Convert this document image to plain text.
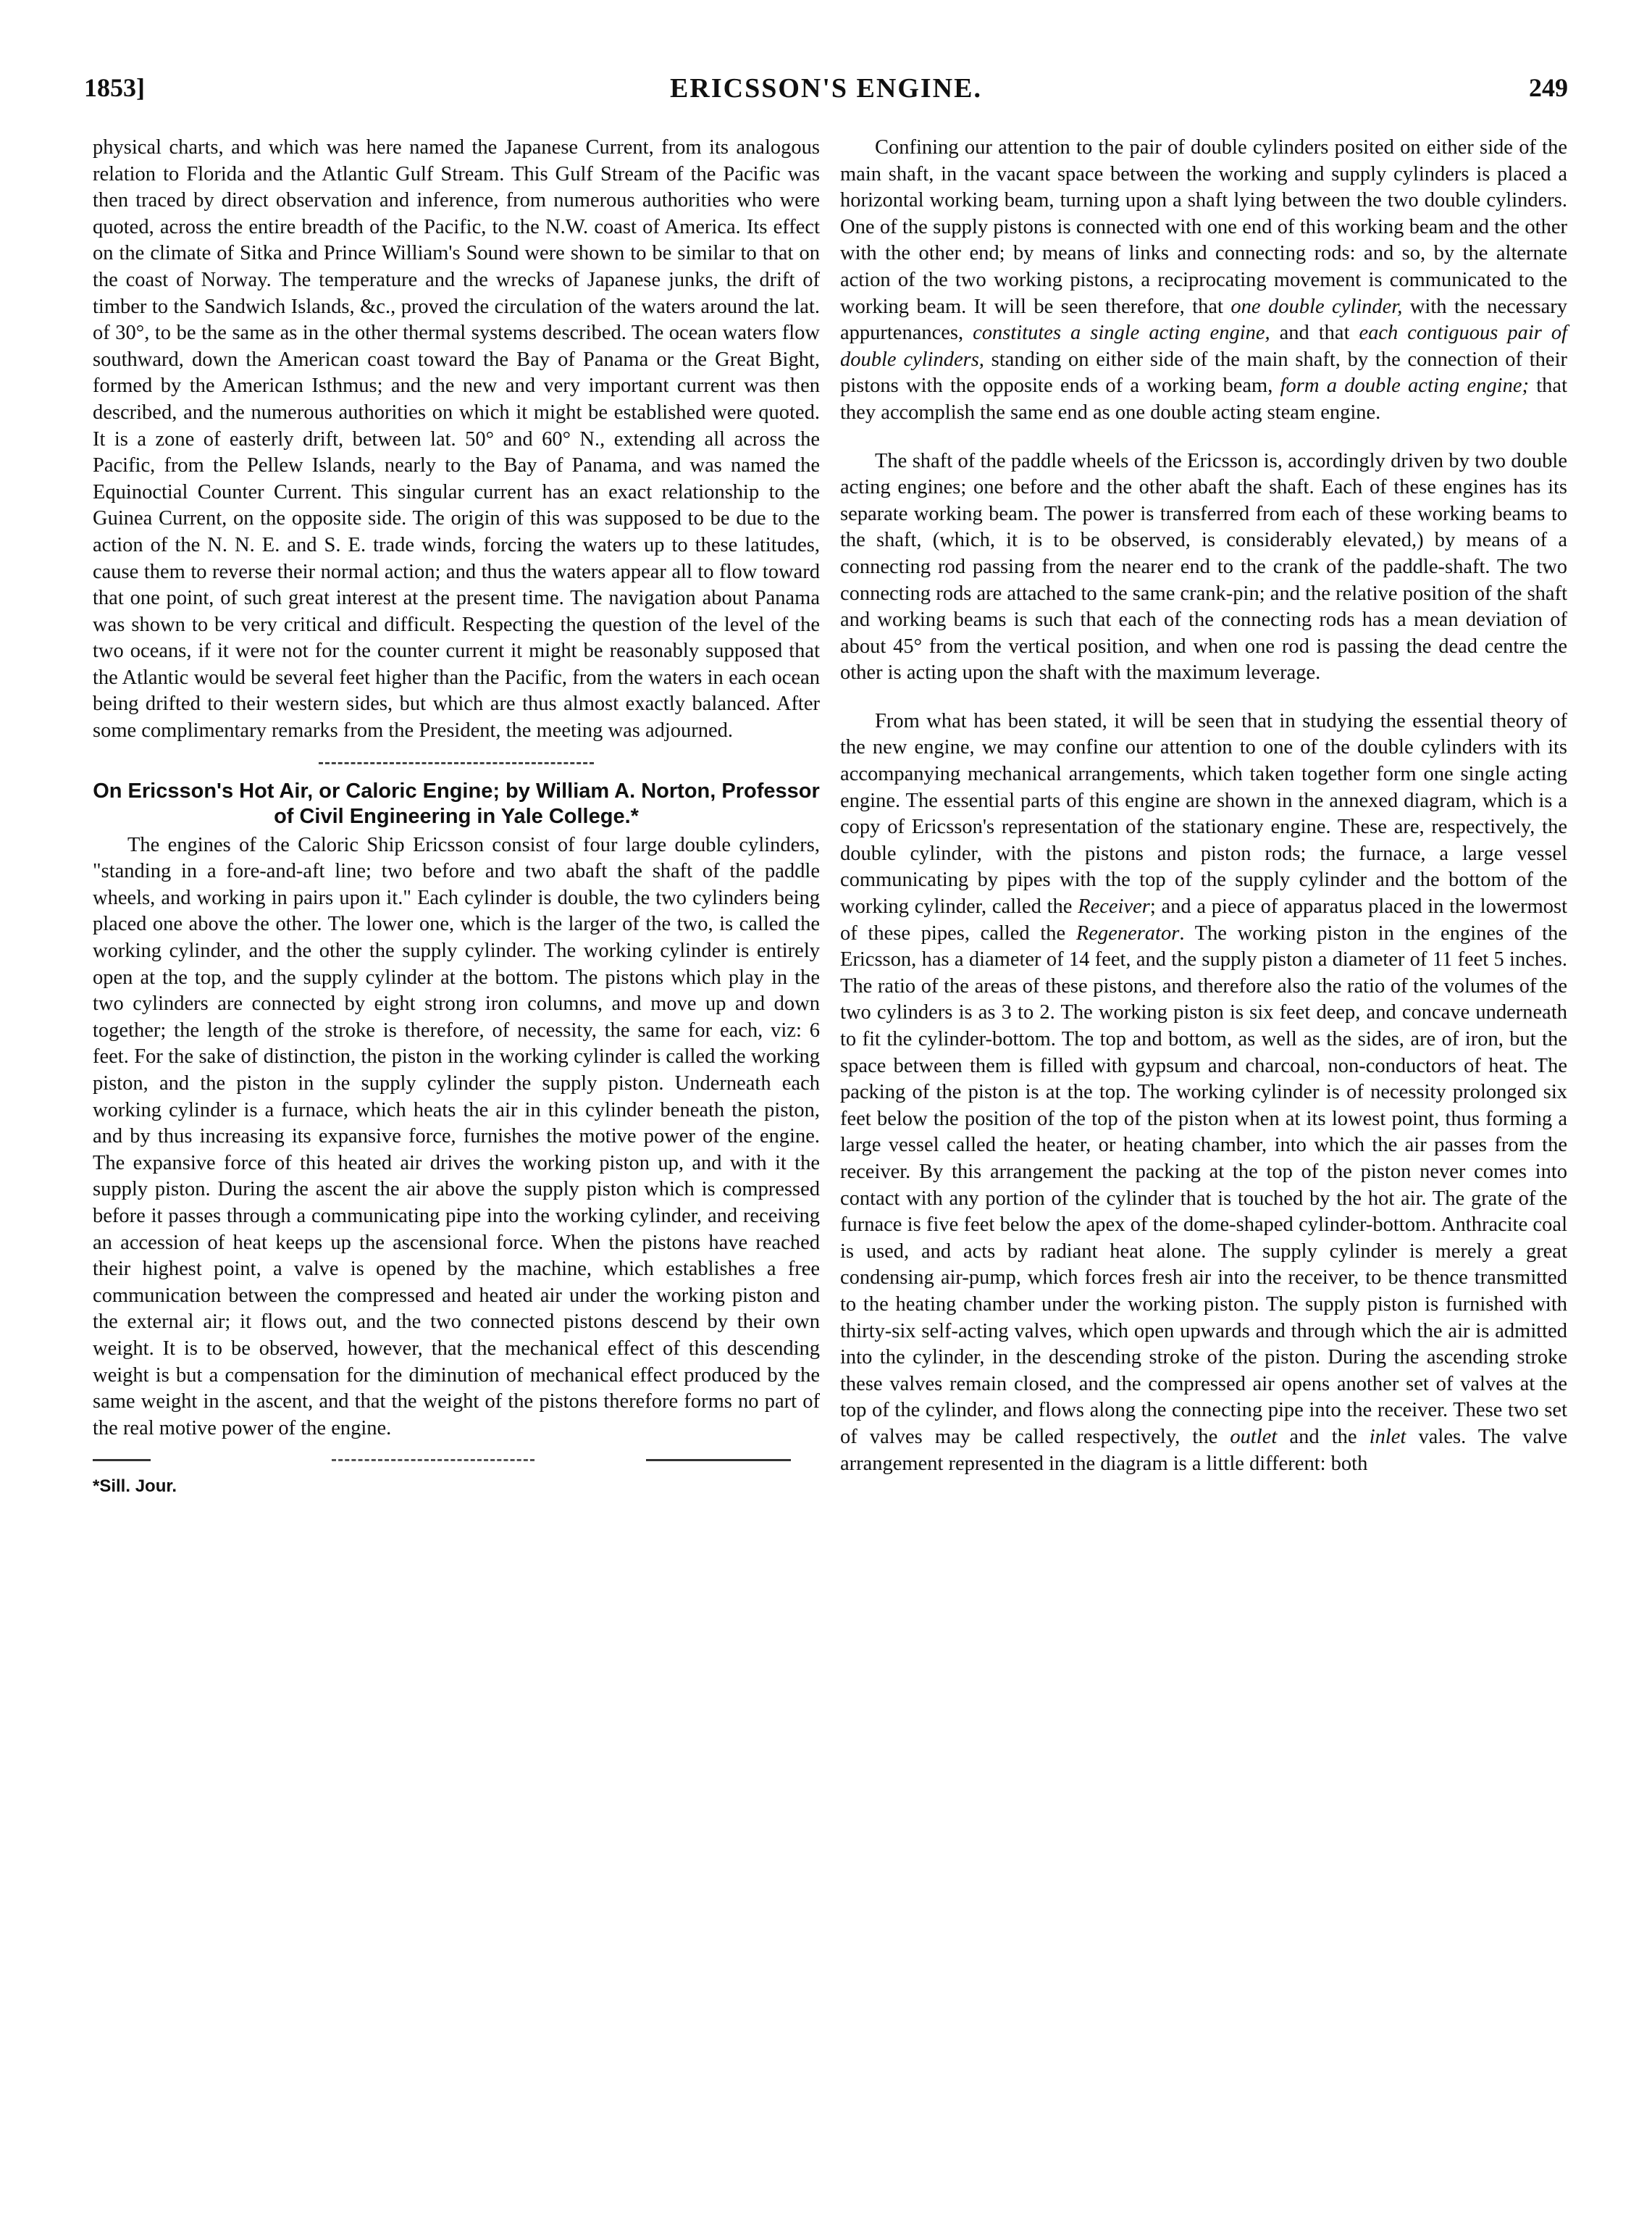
1853]	ERICSSON'S ENGINE.	249

physical charts, and which was here named the Japanese Current, from its analogous relation to Florida and the Atlantic Gulf Stream. This Gulf Stream of the Pacific was then traced by direct observation and inference, from numerous authorities who were quoted, across the entire breadth of the Pacific, to the N.W. coast of America. Its effect on the climate of Sitka and Prince William's Sound were shown to be similar to that on the coast of Norway. The temperature and the wrecks of Japanese junks, the drift of timber to the Sandwich Islands, &c., proved the circulation of the waters around the lat. of 30°, to be the same as in the other thermal systems described. The ocean waters flow southward, down the American coast toward the Bay of Panama or the Great Bight, formed by the American Isthmus; and the new and very important current was then described, and the numerous authorities on which it might be established were quoted. It is a zone of easterly drift, between lat. 50° and 60° N., extending all across the Pacific, from the Pellew Islands, nearly to the Bay of Panama, and was named the Equinoctial Counter Current. This singular current has an exact relationship to the Guinea Current, on the opposite side. The origin of this was supposed to be due to the action of the N. N. E. and S. E. trade winds, forcing the waters up to these latitudes, cause them to reverse their normal action; and thus the waters appear all to flow toward that one point, of such great interest at the present time. The navigation about Panama was shown to be very critical and difficult. Respecting the question of the level of the two oceans, if it were not for the counter current it might be reasonably supposed that the Atlantic would be several feet higher than the Pacific, from the waters in each ocean being drifted to their western sides, but which are thus almost exactly balanced. After some complimentary remarks from the President, the meeting was adjourned.

On Ericsson's Hot Air, or Caloric Engine; by William A. Norton, Professor of Civil Engineering in Yale College.*

The engines of the Caloric Ship Ericsson consist of four large double cylinders, "standing in a fore-and-aft line; two before and two abaft the shaft of the paddle wheels, and working in pairs upon it." Each cylinder is double, the two cylinders being placed one above the other. The lower one, which is the larger of the two, is called the working cylinder, and the other the supply cylinder. The working cylinder is entirely open at the top, and the supply cylinder at the bottom. The pistons which play in the two cylinders are connected by eight strong iron columns, and move up and down together; the length of the stroke is therefore, of necessity, the same for each, viz: 6 feet. For the sake of distinction, the piston in the working cylinder is called the working piston, and the piston in the supply cylinder the supply piston. Underneath each working cylinder is a furnace, which heats the air in this cylinder beneath the piston, and by thus increasing its expansive force, furnishes the motive power of the engine. The expansive force of this heated air drives the working piston up, and with it the supply piston. During the ascent the air above the supply piston which is compressed before it passes through a communicating pipe into the working cylinder, and receiving an accession of heat keeps up the ascensional force. When the pistons have reached their highest point, a valve is opened by the machine, which establishes a free communication between the compressed and heated air under the working piston and the external air; it flows out, and the two connected pistons descend by their own weight. It is to be observed, however, that the mechanical effect of this descending weight is but a compensation for the diminution of mechanical effect produced by the same weight in the ascent, and that the weight of the pistons therefore forms no part of the real motive power of the engine.

*Sill. Jour.

Confining our attention to the pair of double cylinders posited on either side of the main shaft, in the vacant space between the working and supply cylinders is placed a horizontal working beam, turning upon a shaft lying between the two double cylinders. One of the supply pistons is connected with one end of this working beam and the other with the other end; by means of links and connecting rods: and so, by the alternate action of the two working pistons, a reciprocating movement is communicated to the working beam. It will be seen therefore, that one double cylinder, with the necessary appurtenances, constitutes a single acting engine, and that each contiguous pair of double cylinders, standing on either side of the main shaft, by the connection of their pistons with the opposite ends of a working beam, form a double acting engine; that they accomplish the same end as one double acting steam engine.

The shaft of the paddle wheels of the Ericsson is, accordingly driven by two double acting engines; one before and the other abaft the shaft. Each of these engines has its separate working beam. The power is transferred from each of these working beams to the shaft, (which, it is to be observed, is considerably elevated,) by means of a connecting rod passing from the nearer end to the crank of the paddle-shaft. The two connecting rods are attached to the same crank-pin; and the relative position of the shaft and working beams is such that each of the connecting rods has a mean deviation of about 45° from the vertical position, and when one rod is passing the dead centre the other is acting upon the shaft with the maximum leverage.

From what has been stated, it will be seen that in studying the essential theory of the new engine, we may confine our attention to one of the double cylinders with its accompanying mechanical arrangements, which taken together form one single acting engine. The essential parts of this engine are shown in the annexed diagram, which is a copy of Ericsson's representation of the stationary engine. These are, respectively, the double cylinder, with the pistons and piston rods; the furnace, a large vessel communicating by pipes with the top of the supply cylinder and the bottom of the working cylinder, called the Receiver; and a piece of apparatus placed in the lowermost of these pipes, called the Regenerator. The working piston in the engines of the Ericsson, has a diameter of 14 feet, and the supply piston a diameter of 11 feet 5 inches. The ratio of the areas of these pistons, and therefore also the ratio of the volumes of the two cylinders is as 3 to 2. The working piston is six feet deep, and concave underneath to fit the cylinder-bottom. The top and bottom, as well as the sides, are of iron, but the space between them is filled with gypsum and charcoal, non-conductors of heat. The packing of the piston is at the top. The working cylinder is of necessity prolonged six feet below the position of the top of the piston when at its lowest point, thus forming a large vessel called the heater, or heating chamber, into which the air passes from the receiver. By this arrangement the packing at the top of the piston never comes into contact with any portion of the cylinder that is touched by the hot air. The grate of the furnace is five feet below the apex of the dome-shaped cylinder-bottom. Anthracite coal is used, and acts by radiant heat alone. The supply cylinder is merely a great condensing air-pump, which forces fresh air into the receiver, to be thence transmitted to the heating chamber under the working piston. The supply piston is furnished with thirty-six self-acting valves, which open upwards and through which the air is admitted into the cylinder, in the descending stroke of the piston. During the ascending stroke these valves remain closed, and the compressed air opens another set of valves at the top of the cylinder, and flows along the connecting pipe into the receiver. These two set of valves may be called respectively, the outlet and the inlet vales. The valve arrangement represented in the diagram is a little different: both
